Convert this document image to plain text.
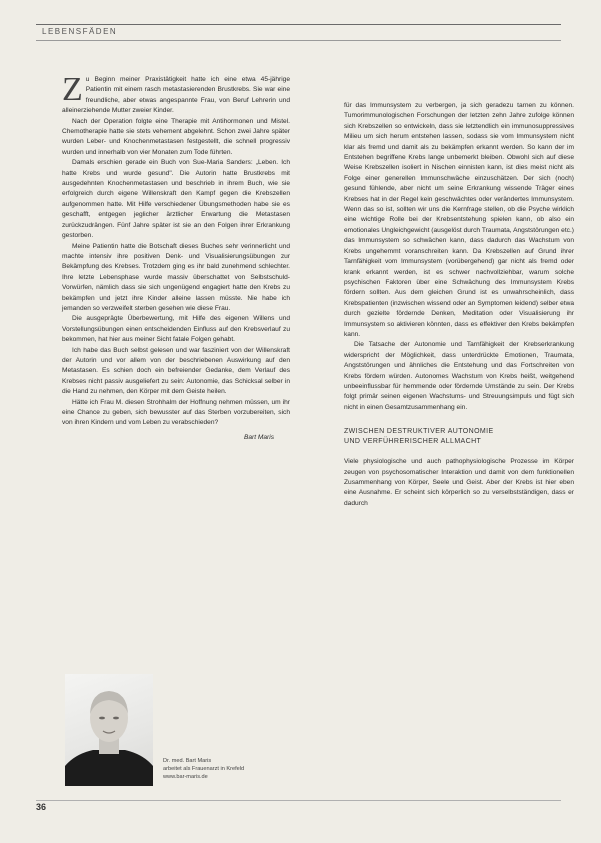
LEBENSFÄDEN

Zu Beginn meiner Praxistätigkeit hatte ich eine etwa 45-jährige Patientin mit einem rasch metastasierenden Brustkrebs. Sie war eine freundliche, aber etwas angespannte Frau, von Beruf Lehrerin und alleinerziehende Mutter zweier Kinder.

Nach der Operation folgte eine Therapie mit Antihormonen und Mistel. Chemotherapie hatte sie stets vehement abgelehnt. Schon zwei Jahre später wurden Leber- und Knochenmetastasen festgestellt, die schnell progressiv wurden und innerhalb von vier Monaten zum Tode führten.

Damals erschien gerade ein Buch von Sue-Maria Sanders: „Leben. Ich hatte Krebs und wurde gesund". Die Autorin hatte Brustkrebs mit ausgedehnten Knochenmetastasen und beschrieb in ihrem Buch, wie sie erfolgreich durch eigene Willenskraft den Kampf gegen die Krebszellen aufgenommen hatte. Mit Hilfe verschiedener Übungsmethoden habe sie es geschafft, entgegen jeglicher ärztlicher Erwartung die Metastasen zurückzudrängen. Fünf Jahre später ist sie an den Folgen ihrer Erkrankung gestorben.

Meine Patientin hatte die Botschaft dieses Buches sehr verinnerlicht und machte intensiv ihre positiven Denk- und Visualisierungsübungen zur Bekämpfung des Krebses. Trotzdem ging es ihr bald zunehmend schlechter. Ihre letzte Lebensphase wurde massiv überschattet von Selbstschuld-Vorwürfen, nämlich dass sie sich ungenügend engagiert hatte den Krebs zu bekämpfen und jetzt ihre Kinder alleine lassen müsste. Nie habe ich jemanden so verzweifelt sterben gesehen wie diese Frau.

Die ausgeprägte Überbewertung, mit Hilfe des eigenen Willens und Vorstellungsübungen einen entscheidenden Einfluss auf den Krebsverlauf zu bekommen, hat hier aus meiner Sicht fatale Folgen gehabt.

Ich habe das Buch selbst gelesen und war fasziniert von der Willenskraft der Autorin und vor allem von der beschriebenen Auswirkung auf den Metastasen. Es schien doch ein befreiender Gedanke, dem Verlauf des Krebses nicht passiv ausgeliefert zu sein: Autonomie, das Schicksal selber in die Hand zu nehmen, den Körper mit dem Geiste heilen.

Hätte ich Frau M. diesen Strohhalm der Hoffnung nehmen müssen, um ihr eine Chance zu geben, sich bewusster auf das Sterben vorzubereiten, sich von ihren Kindern und vom Leben zu verabschieden?

Bart Maris

für das Immunsystem zu verbergen, ja sich geradezu tarnen zu können. Tumorimmunologischen Forschungen der letzten zehn Jahre zufolge können sich Krebszellen so entwickeln, dass sie letztendlich ein immunosuppressives Milieu um sich herum entstehen lassen, sodass sie vom Immunsystem nicht klar als fremd und damit als zu bekämpfen erkannt werden. So kann der im Entstehen begriffene Krebs lange unbemerkt bleiben. Obwohl sich auf diese Weise Krebszellen isoliert in Nischen einnisten kann, ist dies meist nicht als Folge einer generellen Immunschwäche einzuschätzen. Der sich (noch) gesund fühlende, aber nicht um seine Erkrankung wissende Träger eines Krebses hat in der Regel kein geschwächtes oder verändertes Immunsystem. Wenn das so ist, sollten wir uns die Kernfrage stellen, ob die Psyche wirklich eine wichtige Rolle bei der Krebsentstehung spielen kann, ob also ein emotionales Ungleichgewicht (ausgelöst durch Traumata, Angststörungen etc.) das Immunsystem so schwächen kann, dass dadurch das Wachstum von Krebs ungehemmt voranschreiten kann. Da Krebszellen auf Grund ihrer Tarnfähigkeit vom Immunsystem (vorübergehend) gar nicht als fremd oder krank erkannt werden, ist es schwer nachvollziehbar, warum solche psychischen Faktoren über eine Schwächung des Immunsystem Krebs fördern sollten. Aus dem gleichen Grund ist es unwahrscheinlich, dass Krebspatienten (inzwischen wissend oder an Symptomen leidend) selber etwa durch gezielte fördernde Denken, Meditation oder Visualisierung ihr Immunsystem so aktivieren könnten, dass es effektiver den Krebs bekämpfen kann.

Die Tatsache der Autonomie und Tarnfähigkeit der Krebserkrankung widerspricht der Möglichkeit, dass unterdrückte Emotionen, Traumata, Angststörungen und ähnliches die Entstehung und das Fortschreiten von Krebs fördern würden. Autonomes Wachstum von Krebs heißt, weitgehend unbeeinflussbar für hemmende oder fördernde Umstände zu sein. Der Krebs folgt primär seinen eigenen Wachstums- und Streuungsimpuls und fügt sich nicht in einen Gesamtzusammenhang ein.

ZWISCHEN DESTRUKTIVER AUTONOMIE
UND VERFÜHRERISCHER ALLMACHT

Viele physiologische und auch pathophysiologische Prozesse im Körper zeugen von psychosomatischer Interaktion und damit von dem funktionellen Zusammenhang von Körper, Seele und Geist. Aber der Krebs ist hier eben eine Ausnahme. Er scheint sich körperlich so zu verselbstständigen, dass er dadurch

Dr. med. Bart Maris
arbeitet als Frauenarzt in Krefeld
www.bar-maris.de
36
